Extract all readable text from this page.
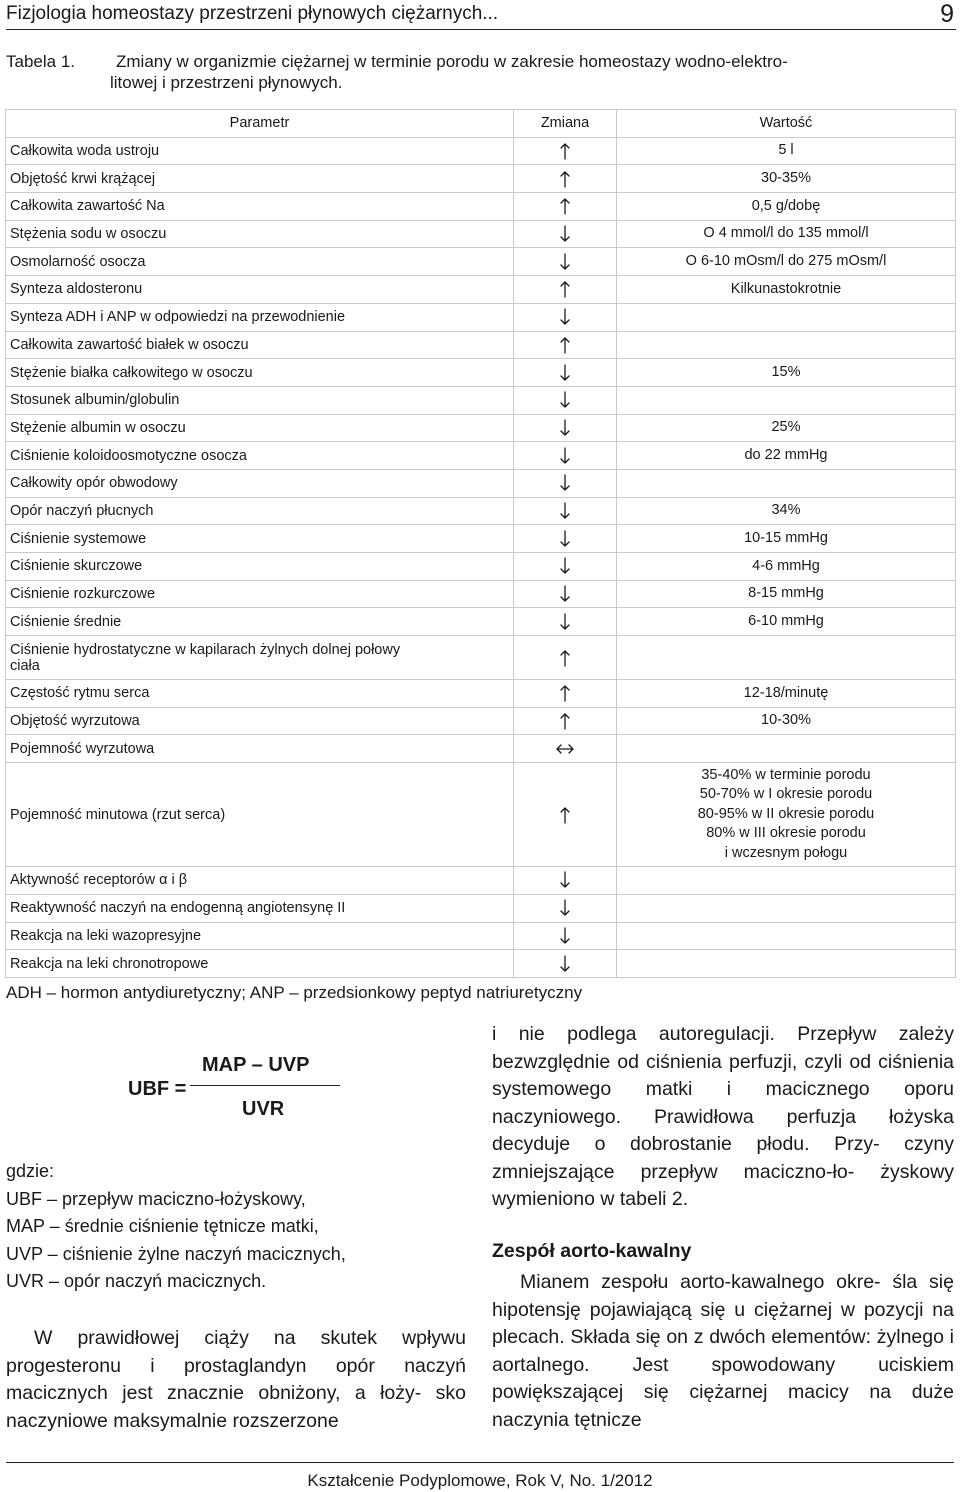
Fizjologia homeostazy przestrzeni płynowych ciężarnych...	9
Tabela 1. Zmiany w organizmie ciężarnej w terminie porodu w zakresie homeostazy wodno-elektro-
litowej i przestrzeni płynowych.
Parametr	Zmiana	Wartość
Całkowita woda ustroju		5 l
Objętość krwi krążącej		30-35%
Całkowita zawartość Na		0,5 g/dobę
Stężenia sodu w osoczu		O 4 mmol/l do 135 mmol/l
Osmolarność osocza		O 6-10 mOsm/l do 275 mOsm/l
Synteza aldosteronu		Kilkunastokrotnie
Synteza ADH i ANP w odpowiedzi na przewodnienie		
Całkowita zawartość białek w osoczu		
Stężenie białka całkowitego w osoczu		15%
Stosunek albumin/globulin		
Stężenie albumin w osoczu		25%
Ciśnienie koloidoosmotyczne osocza		do 22 mmHg
Całkowity opór obwodowy		
Opór naczyń płucnych		34%
Ciśnienie systemowe		10-15 mmHg
Ciśnienie skurczowe		4-6 mmHg
Ciśnienie rozkurczowe		8-15 mmHg
Ciśnienie średnie		6-10 mmHg
Ciśnienie hydrostatyczne w kapilarach żylnych dolnej połowy
ciała		
Częstość rytmu serca		12-18/minutę
Objętość wyrzutowa		10-30%
Pojemność wyrzutowa		
Pojemność minutowa (rzut serca)		35-40% w terminie porodu
50-70% w I okresie porodu
80-95% w II okresie porodu
80% w III okresie porodu
i wczesnym połogu

Aktywność receptorów α i β		
Reaktywność naczyń na endogenną angiotensynę II		
Reakcja na leki wazopresyjne		
Reakcja na leki chronotropowe		
ADH – hormon antydiuretyczny; ANP – przedsionkowy peptyd natriuretyczny
UBF =
MAP – UVP
UVR
gdzie:
UBF – przepływ maciczno-łożyskowy,
MAP – średnie ciśnienie tętnicze matki,
UVP – ciśnienie żylne naczyń macicznych,
UVR – opór naczyń macicznych.

W prawidłowej ciąży na skutek wpływu progesteronu i prostaglandyn opór naczyń macicznych jest znacznie obniżony, a łoży- sko naczyniowe maksymalnie rozszerzone

i nie podlega autoregulacji. Przepływ zależy bezwzględnie od ciśnienia perfuzji, czyli od ciśnienia systemowego matki i macicznego oporu naczyniowego. Prawidłowa perfuzja łożyska decyduje o dobrostanie płodu. Przy- czyny zmniejszające przepływ maciczno-ło- żyskowy wymieniono w tabeli 2.

Zespół aorto-kawalny

Mianem zespołu aorto-kawalnego okre- śla się hipotensję pojawiającą się u ciężarnej w pozycji na plecach. Składa się on z dwóch elementów: żylnego i aortalnego. Jest spowodowany uciskiem powiększającej się ciężarnej macicy na duże naczynia tętnicze

Kształcenie Podyplomowe, Rok V, No. 1/2012
